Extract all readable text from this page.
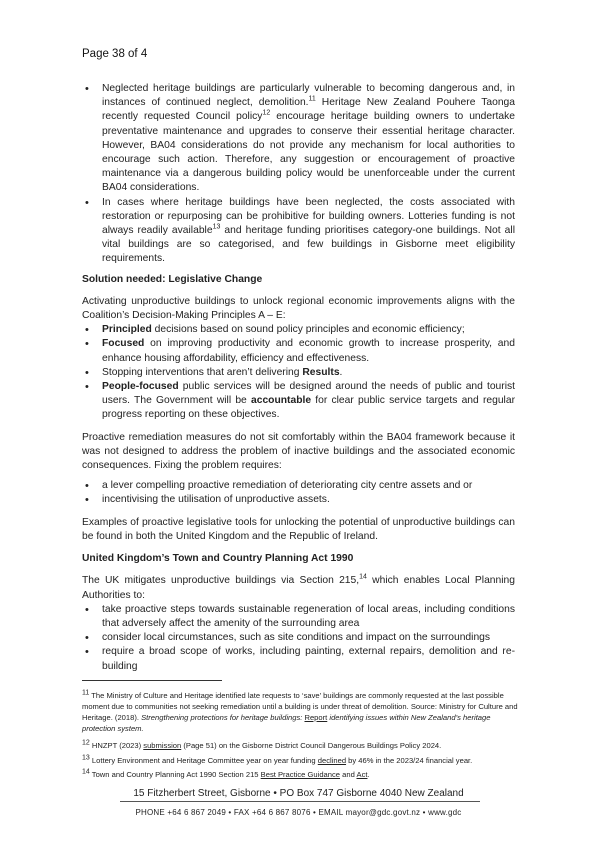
Page 38 of 4
• Neglected heritage buildings are particularly vulnerable to becoming dangerous and, in instances of continued neglect, demolition.$^{11}$ Heritage New Zealand Pouhere Taonga recently requested Council policy$^{12}$ encourage heritage building owners to undertake preventative maintenance and upgrades to conserve their essential heritage character. However, BA04 considerations do not provide any mechanism for local authorities to encourage such action. Therefore, any suggestion or encouragement of proactive maintenance via a dangerous building policy would be unenforceable under the current BA04 considerations.
• In cases where heritage buildings have been neglected, the costs associated with restoration or repurposing can be prohibitive for building owners. Lotteries funding is not always readily available$^{13}$ and heritage funding prioritises category-one buildings. Not all vital buildings are so categorised, and few buildings in Gisborne meet eligibility requirements.

Solution needed: Legislative Change

Activating unproductive buildings to unlock regional economic improvements aligns with the Coalition’s Decision-Making Principles A – E:

• Principled decisions based on sound policy principles and economic efficiency;
• Focused on improving productivity and economic growth to increase prosperity, and enhance housing affordability, efficiency and effectiveness.
• Stopping interventions that aren’t delivering Results.
• People-focused public services will be designed around the needs of public and tourist users. The Government will be accountable for clear public service targets and regular progress reporting on these objectives.

Proactive remediation measures do not sit comfortably within the BA04 framework because it was not designed to address the problem of inactive buildings and the associated economic consequences. Fixing the problem requires:

• a lever compelling proactive remediation of deteriorating city centre assets and or
• incentivising the utilisation of unproductive assets.

Examples of proactive legislative tools for unlocking the potential of unproductive buildings can be found in both the United Kingdom and the Republic of Ireland.

United Kingdom’s Town and Country Planning Act 1990

The UK mitigates unproductive buildings via Section 215,14 which enables Local Planning Authorities to:

• take proactive steps towards sustainable regeneration of local areas, including conditions that adversely affect the amenity of the surrounding area
• consider local circumstances, such as site conditions and impact on the surroundings
• require a broad scope of works, including painting, external repairs, demolition and re-building
$^{11}$ The Ministry of Culture and Heritage identified late requests to ‘save’ buildings are commonly requested at the last possible moment due to communities not seeking remediation until a building is under threat of demolition. Source: Ministry for Culture and Heritage. (2018). Strengthening protections for heritage buildings: Report identifying issues within New Zealand’s heritage protection system.
$^{12}$ HNZPT (2023) submission (Page 51) on the Gisborne District Council Dangerous Buildings Policy 2024.
$^{13}$ Lottery Environment and Heritage Committee year on year funding declined by 46% in the 2023/24 financial year.
$^{14}$ Town and Country Planning Act 1990 Section 215 Best Practice Guidance and Act.
15 Fitzherbert Street, Gisborne • PO Box 747 Gisborne 4040 New Zealand
PHONE +64 6 867 2049 • FAX +64 6 867 8076 • EMAIL mayor@gdc.govt.nz • www.gdc
